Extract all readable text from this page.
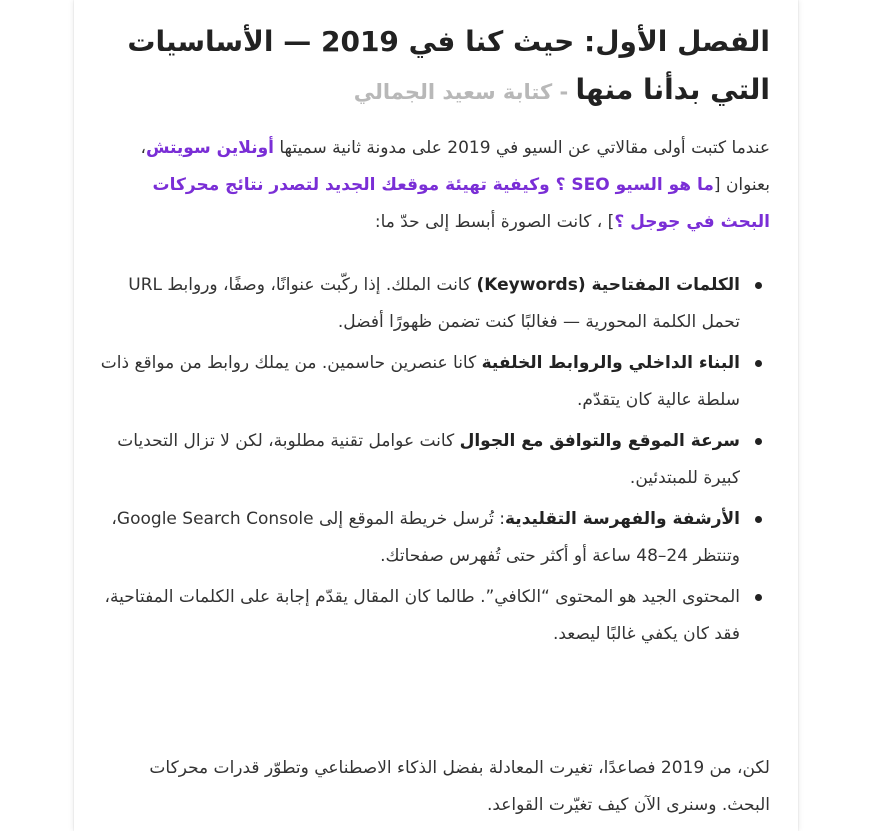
الفصل الأول: حيث كنا في 2019 — الأساسيات التي بدأنا منها - كتابة سعيد الجمالي

عندما كتبت أولى مقالاتي عن السيو في 2019 على مدونة ثانية سميتها أونلاين سويتش، بعنوان [ما هو السيو SEO ؟ وكيفية تهيئة موقعك الجديد لتصدر نتائج محركات البحث في جوجل ؟] ، كانت الصورة أبسط إلى حدّ ما:

الكلمات المفتاحية (Keywords) كانت الملك. إذا ركّبت عنوانًا، وصفًا، وروابط URL تحمل الكلمة المحورية — فغالبًا كنت تضمن ظهورًا أفضل.
البناء الداخلي والروابط الخلفية كانا عنصرين حاسمين. من يملك روابط من مواقع ذات سلطة عالية كان يتقدّم.
سرعة الموقع والتوافق مع الجوال كانت عوامل تقنية مطلوبة، لكن لا تزال التحديات كبيرة للمبتدئين.
الأرشفة والفهرسة التقليدية: تُرسل خريطة الموقع إلى Google Search Console، وتنتظر 24–48 ساعة أو أكثر حتى تُفهرس صفحاتك.
المحتوى الجيد هو المحتوى “الكافي”. طالما كان المقال يقدّم إجابة على الكلمات المفتاحية، فقد كان يكفي غالبًا ليصعد.

لكن، من 2019 فصاعدًا، تغيرت المعادلة بفضل الذكاء الاصطناعي وتطوّر قدرات محركات البحث. وسنرى الآن كيف تغيّرت القواعد.
